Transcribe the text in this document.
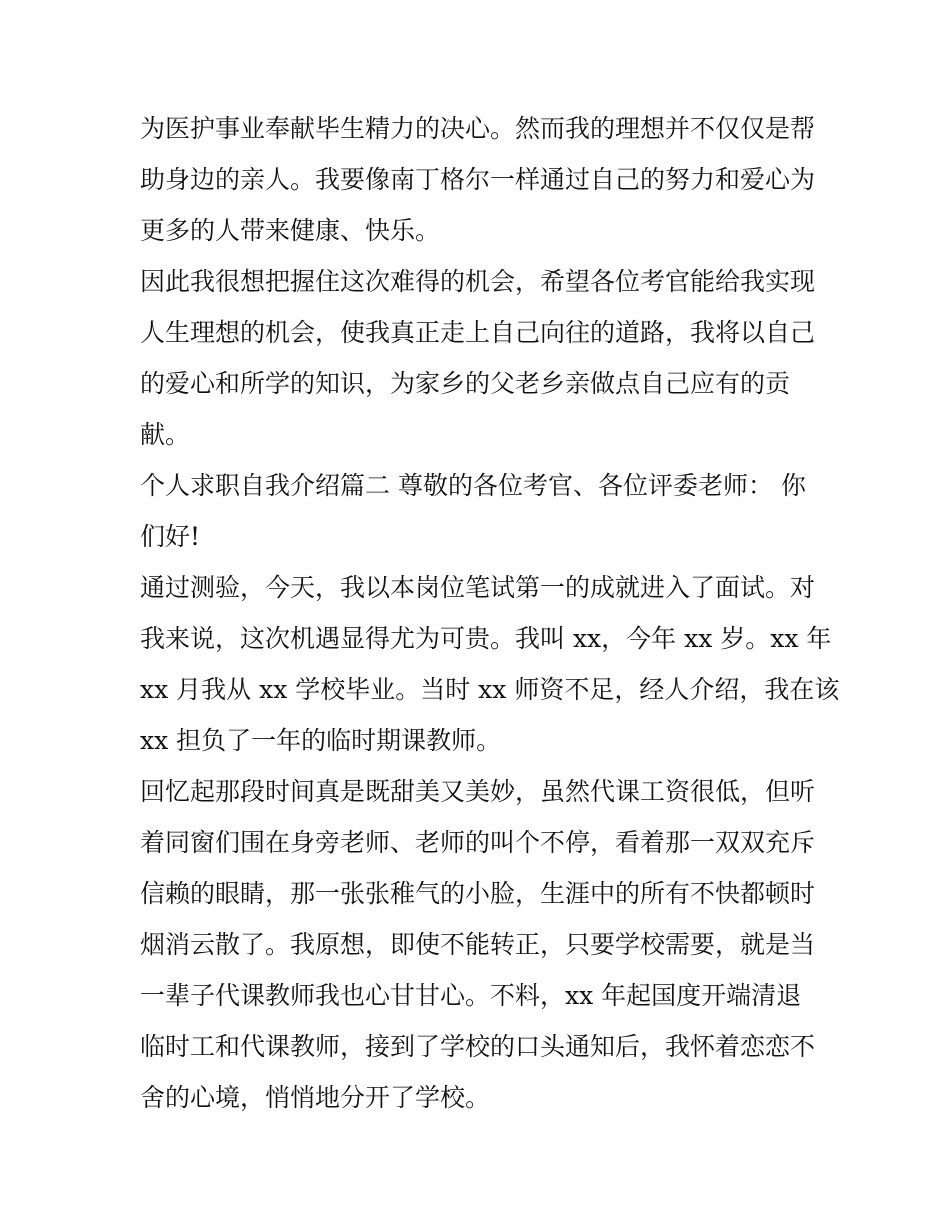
为医护事业奉献毕生精力的决心。然而我的理想并不仅仅是帮
助身边的亲人。我要像南丁格尔一样通过自己的努力和爱心为
更多的人带来健康、快乐。
因此我很想把握住这次难得的机会，希望各位考官能给我实现
人生理想的机会，使我真正走上自己向往的道路，我将以自己
的爱心和所学的知识，为家乡的父老乡亲做点自己应有的贡
献。
个人求职自我介绍篇二 尊敬的各位考官、各位评委老师： 你
们好!
通过测验，今天，我以本岗位笔试第一的成就进入了面试。对
我来说，这次机遇显得尤为可贵。我叫 xx，今年 xx 岁。xx 年
xx 月我从 xx 学校毕业。当时 xx 师资不足，经人介绍，我在该
xx 担负了一年的临时期课教师。
回忆起那段时间真是既甜美又美妙，虽然代课工资很低，但听
着同窗们围在身旁老师、老师的叫个不停，看着那一双双充斥
信赖的眼睛，那一张张稚气的小脸，生涯中的所有不快都顿时
烟消云散了。我原想，即使不能转正，只要学校需要，就是当
一辈子代课教师我也心甘甘心。不料，xx 年起国度开端清退
临时工和代课教师，接到了学校的口头通知后，我怀着恋恋不
舍的心境，悄悄地分开了学校。
